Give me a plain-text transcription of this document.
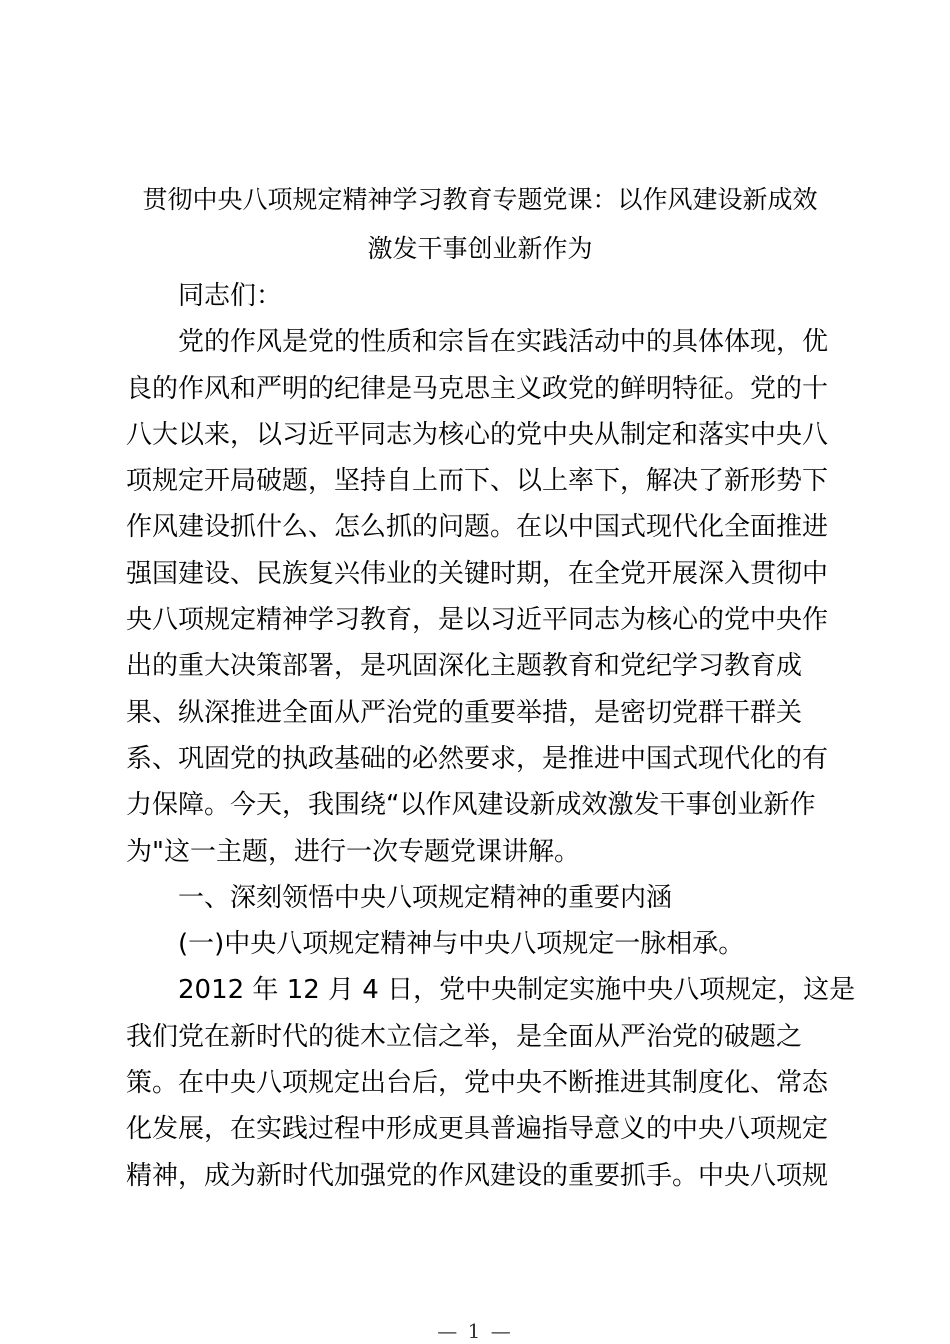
贯彻中央八项规定精神学习教育专题党课：以作风建设新成效
激发干事创业新作为
同志们：
党的作风是党的性质和宗旨在实践活动中的具体体现，优
良的作风和严明的纪律是马克思主义政党的鲜明特征。党的十
八大以来，以习近平同志为核心的党中央从制定和落实中央八
项规定开局破题，坚持自上而下、以上率下，解决了新形势下
作风建设抓什么、怎么抓的问题。在以中国式现代化全面推进
强国建设、民族复兴伟业的关键时期，在全党开展深入贯彻中
央八项规定精神学习教育，是以习近平同志为核心的党中央作
出的重大决策部署，是巩固深化主题教育和党纪学习教育成
果、纵深推进全面从严治党的重要举措，是密切党群干群关
系、巩固党的执政基础的必然要求，是推进中国式现代化的有
力保障。今天，我围绕“以作风建设新成效激发干事创业新作
为"这一主题，进行一次专题党课讲解。
一、深刻领悟中央八项规定精神的重要内涵
(一)中央八项规定精神与中央八项规定一脉相承。
2012 年 12 月 4 日，党中央制定实施中央八项规定，这是
我们党在新时代的徙木立信之举，是全面从严治党的破题之
策。在中央八项规定出台后，党中央不断推进其制度化、常态
化发展，在实践过程中形成更具普遍指导意义的中央八项规定
精神，成为新时代加强党的作风建设的重要抓手。中央八项规
— 1 —
